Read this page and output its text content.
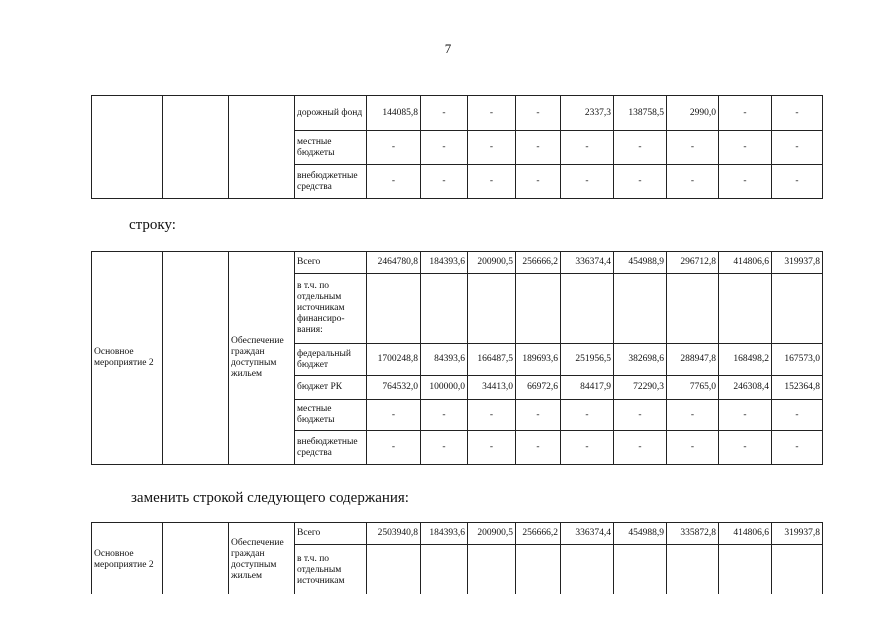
7
			дорожный фонд	144085,8	-	-	-	2337,3	138758,5	2990,0	-	-
			местные бюджеты	-	-	-	-	-	-	-	-	-
			внебюджетные средства	-	-	-	-	-	-	-	-	-
строку:
Основное мероприятие 2		Обеспечение граждан доступным жильем	Всего	2464780,8	184393,6	200900,5	256666,2	336374,4	454988,9	296712,8	414806,6	319937,8
			в т.ч. по отдельным источникам финансиро-вания:									
			федеральный бюджет	1700248,8	84393,6	166487,5	189693,6	251956,5	382698,6	288947,8	168498,2	167573,0
			бюджет РК	764532,0	100000,0	34413,0	66972,6	84417,9	72290,3	7765,0	246308,4	152364,8
			местные бюджеты	-	-	-	-	-	-	-	-	-
			внебюджетные средства	-	-	-	-	-	-	-	-	-
заменить строкой следующего содержания:
Основное мероприятие 2		Обеспечение граждан доступным жильем	Всего	2503940,8	184393,6	200900,5	256666,2	336374,4	454988,9	335872,8	414806,6	319937,8
			в т.ч. по отдельным источникам									
